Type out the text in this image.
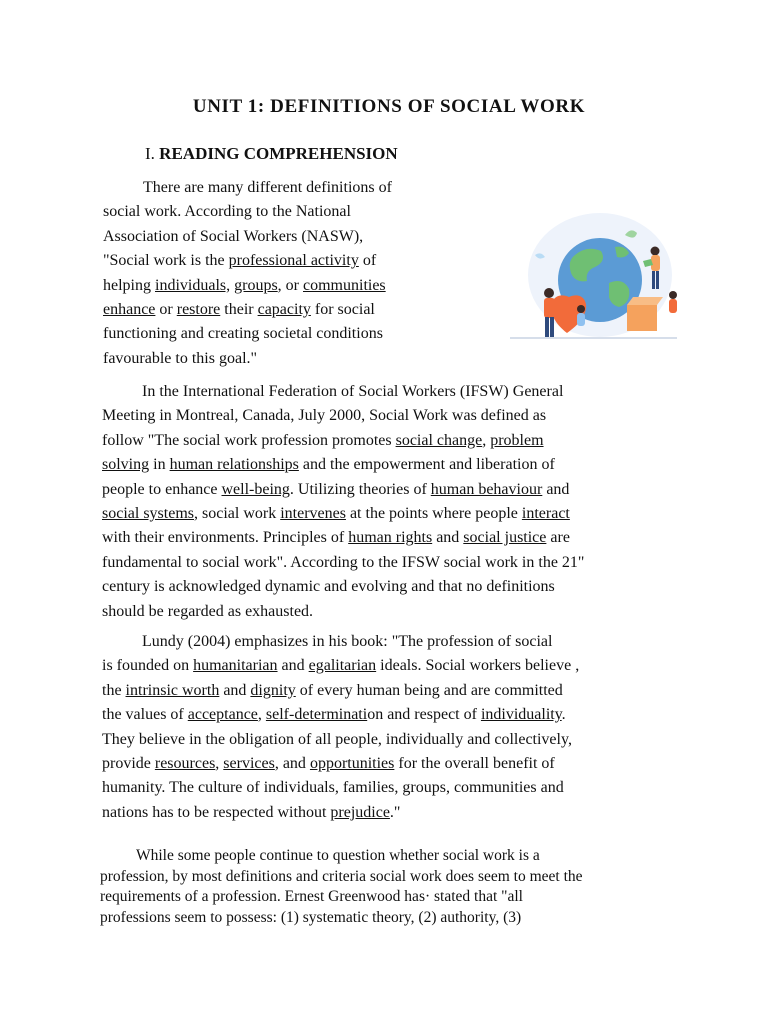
UNIT 1: DEFINITIONS OF SOCIAL WORK
I. READING COMPREHENSION
There are many different definitions of
social work. According to the National
Association of Social Workers (NASW),
"Social work is the professional activity of
helping individuals, groups, or communities
enhance or restore their capacity for social
functioning and creating societal conditions
favourable to this goal."
In the International Federation of Social Workers (IFSW) General
Meeting in Montreal, Canada, July 2000, Social Work was defined as
follow "The social work profession promotes social change, problem
solving in human relationships and the empowerment and liberation of
people to enhance well-being. Utilizing theories of human behaviour and
social systems, social work intervenes at the points where people interact
with their environments. Principles of human rights and social justice are
fundamental to social work". According to the IFSW social work in the 21"
century is acknowledged dynamic and evolving and that no definitions
should be regarded as exhausted.
Lundy (2004) emphasizes in his book: "The profession of social
is founded on humanitarian and egalitarian ideals. Social workers believe ,
the intrinsic worth and dignity of every human being and are committed
the values of acceptance, self-determination and respect of individuality.
They believe in the obligation of all people, individually and collectively,
provide resources, services, and opportunities for the overall benefit of
humanity. The culture of individuals, families, groups, communities and
nations has to be respected without prejudice."
While some people continue to question whether social work is a
profession, by most definitions and criteria social work does seem to meet the
requirements of a profession. Ernest Greenwood has· stated that "all
professions seem to possess: (1) systematic theory, (2) authority, (3)
